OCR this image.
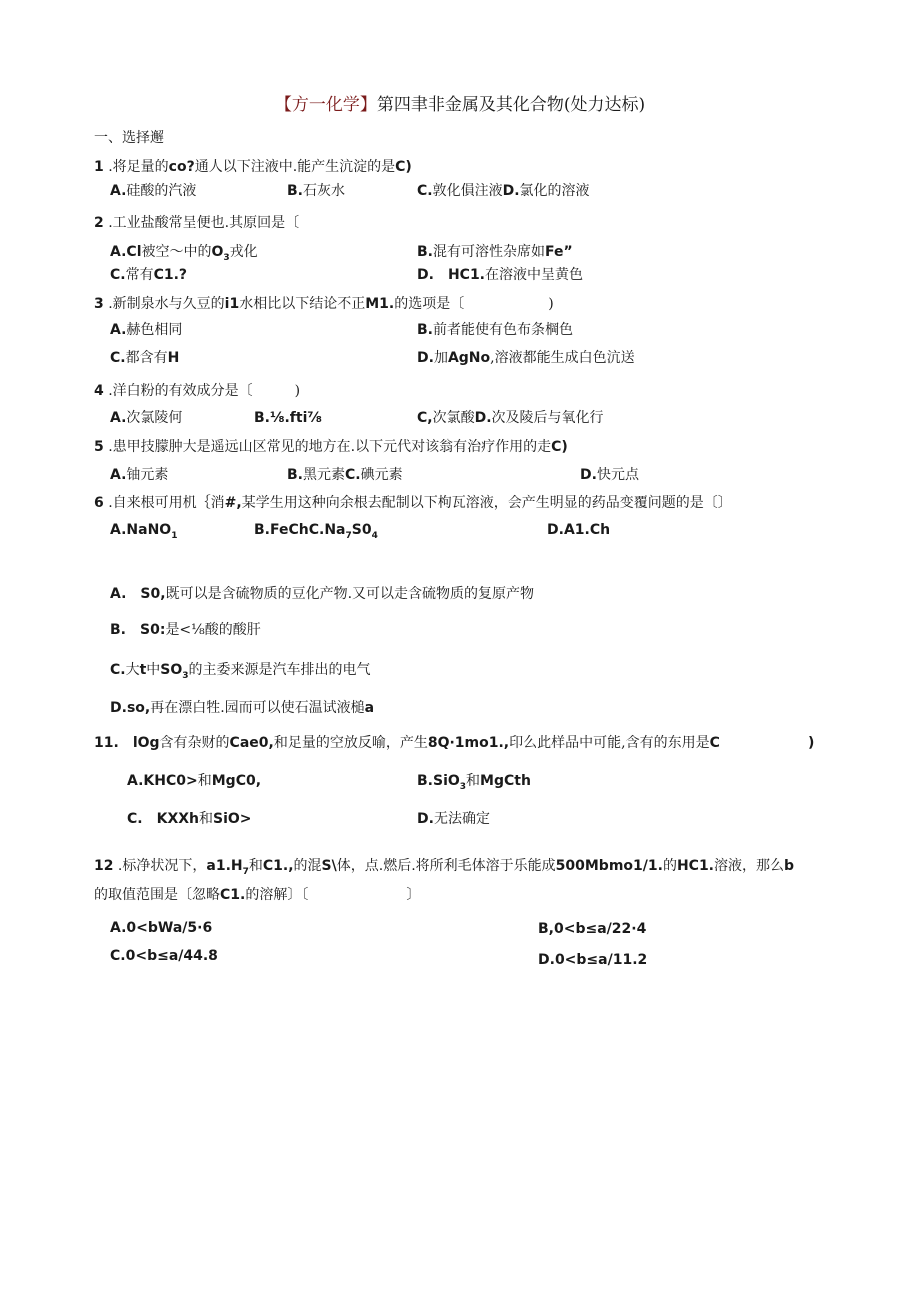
【方一化学】第四聿非金属及其化合物(处力达标)
一、选择邂
1 .将足量的co?通人以下注液中.能产生沆淀的是C)
A.硅酸的汽液	B.石灰水	C.敦化傊注液D.氯化的溶液
2 .工业盐酸常呈便也.其原回是〔
A.Cl被空～中的$O_3$戎化	B.混有可溶性杂席如Fe”
C.常有C1.?	D. HC1.在溶液中呈黄色
3 .新制泉水与久豆的i1水相比以下结论不正M1.的选项是〔	)
A.赫色相同	B.前者能使有色布条棡色
C.都含有H	D.加AgNo,溶液都能生成白色沆送
4 .洋白粉的有效成分是〔	)
A.次氯陵何	B.⅛.fti⅞	C,次氯酸D.次及陵后与氧化行
5 .患甲技朦肿大是遥远山区常见的地方在.以下元代对该翁有治疗作用的走C)
A.铀元素	B.黑元素C.碘元素	D.快元点
6 .自来根可用机｛消#,某学生用这种向余根去配制以下枸瓦溶液，会产生明显的药品变覆问题的是〔〕
A.NaNO$_1$	$B.FeChC.Na_7S0_4$	D.A1.Ch
A. S0,既可以是含硫物质的豆化产物.又可以走含硫物质的复原产物
B. S0:是<⅛酸的酸肝
C.大t中$SO_3$的主委来源是汽车排出的电气
D.so,再在漂白牲.园而可以使石温试液槌a
11. lOg含有杂财的Cae0,和足量的空放反喻，产生8Q·1mo1.,印么此样品中可能,含有的东用是C	)
A.KHC0>和MgC0,	B.SiO$_3$和MgCth
C. KXXh和SiO>	D.无法确定
12 .标净状况下，$a1.H_7$和C1.,的混S\体，点.燃后.将所利毛体溶于乐能成500Mbmo1/1.的HC1.溶液，那么b
的取值范围是〔忽略C1.的溶解〕〔	〕
A.0<bWa/5·6	B,0<b≤a/22·4
C.0<b≤a/44.8	D.0<b≤a/11.2
